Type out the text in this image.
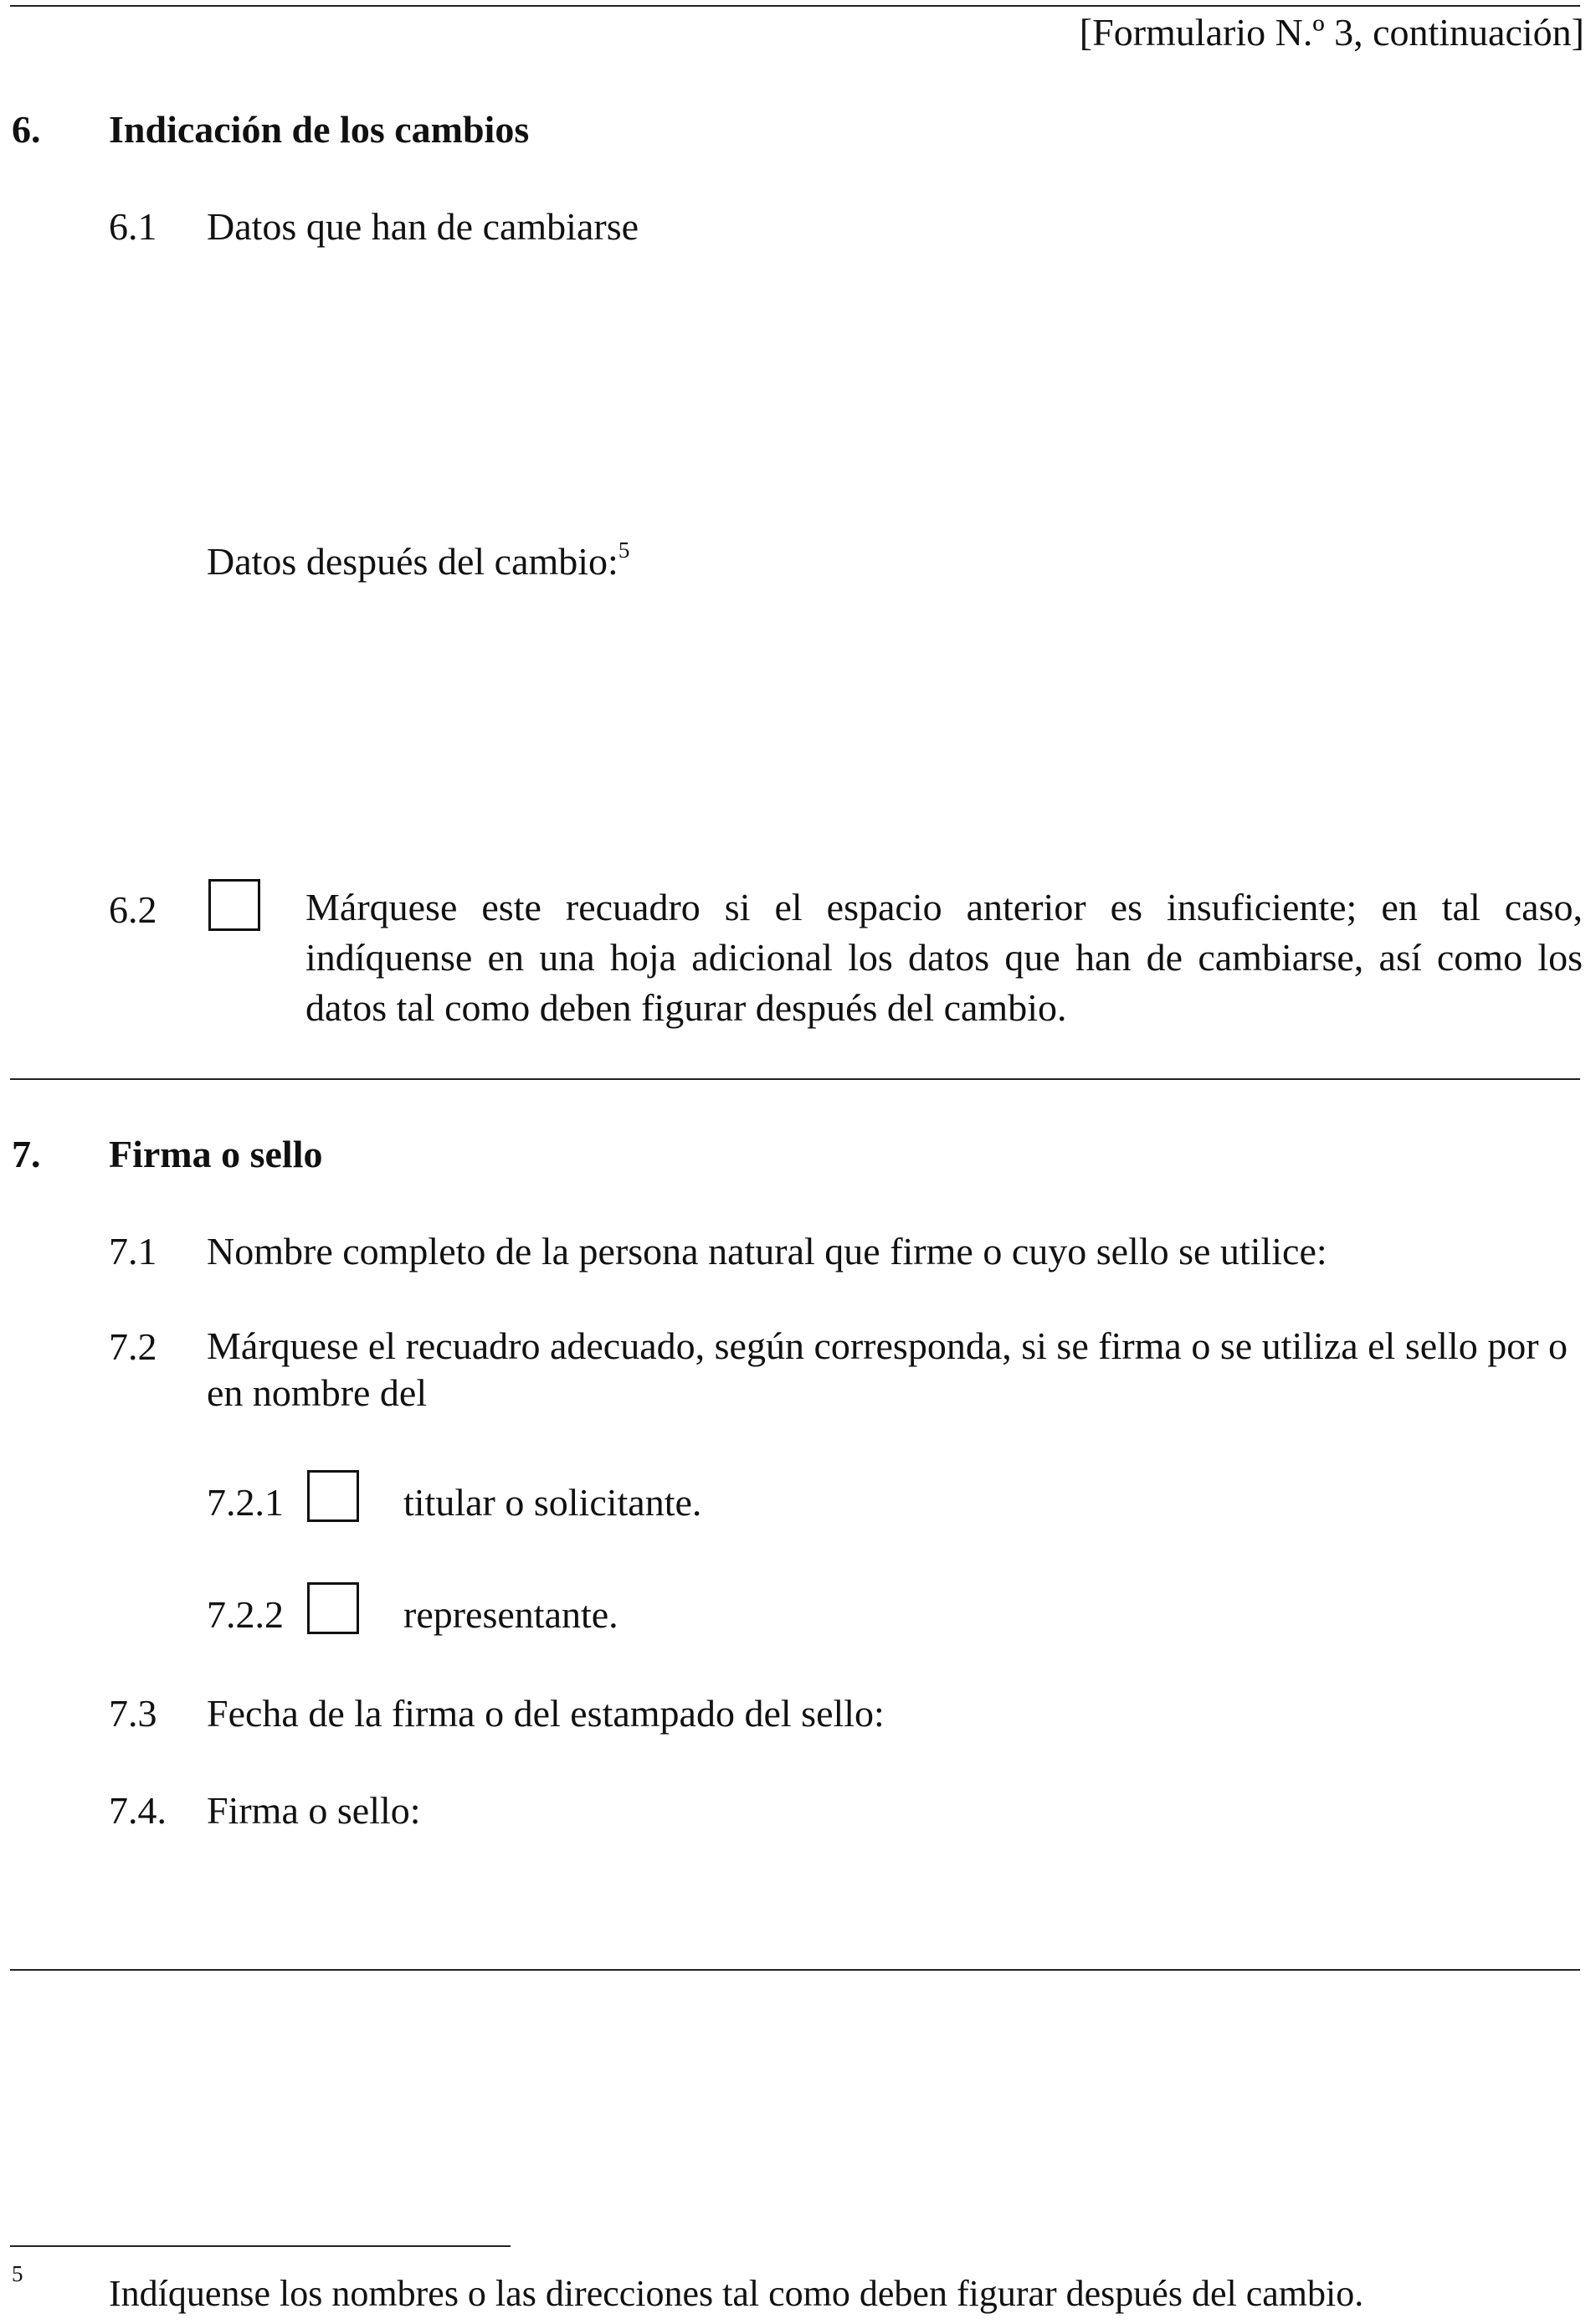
[Formulario N.º 3, continuación]
6. Indicación de los cambios
6.1 Datos que han de cambiarse
Datos después del cambio:$^5$
6.2	Márquese este recuadro si el espacio anterior es insuficiente; en tal caso, indíquense en una hoja adicional los datos que han de cambiarse, así como los datos tal como deben figurar después del cambio.
7. Firma o sello
7.1 Nombre completo de la persona natural que firme o cuyo sello se utilice:
7.2 Márquese el recuadro adecuado, según corresponda, si se firma o se utiliza el sello por o en nombre del
7.2.1	titular o solicitante.
7.2.2	representante.
7.3 Fecha de la firma o del estampado del sello:
7.4. Firma o sello:
5 Indíquense los nombres o las direcciones tal como deben figurar después del cambio.
